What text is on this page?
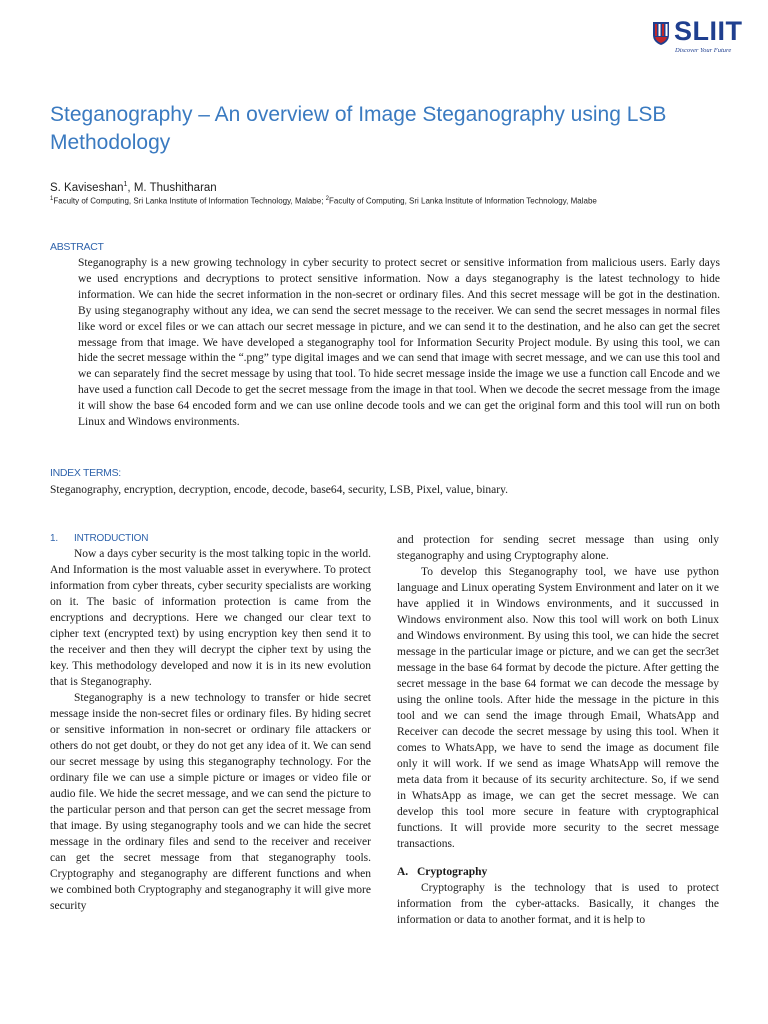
SLIIT
Discover Your Future
Steganography – An overview of Image Steganography using LSB Methodology
S. Kaviseshan$^1$, M. Thushitharan
$^1$Faculty of Computing, Sri Lanka Institute of Information Technology, Malabe; $^2$Faculty of Computing, Sri Lanka Institute of Information Technology, Malabe
ABSTRACT

Steganography is a new growing technology in cyber security to protect secret or sensitive information from malicious users. Early days we used encryptions and decryptions to protect sensitive information. Now a days steganography is the latest technology to hide information. We can hide the secret information in the non-secret or ordinary files. And this secret message will be got in the destination. By using steganography without any idea, we can send the secret message to the receiver. We can send the secret messages in normal files like word or excel files or we can attach our secret message in picture, and we can send it to the destination, and he also can get the secret message from that image. We have developed a steganography tool for Information Security Project module. By using this tool, we can hide the secret message within the “.png” type digital images and we can send that image with secret message, and we can use this tool and we can separately find the secret message by using that tool. To hide secret message inside the image we use a function call Encode and we have used a function call Decode to get the secret message from the image in that tool. When we decode the secret message from the image it will show the base 64 encoded form and we can use online decode tools and we can get the original form and this tool will run on both Linux and Windows environments.

INDEX TERMS:

Steganography, encryption, decryption, encode, decode, base64, security, LSB, Pixel, value, binary.

1. INTRODUCTION

Now a days cyber security is the most talking topic in the world. And Information is the most valuable asset in everywhere. To protect information from cyber threats, cyber security specialists are working on it. The basic of information protection is came from the encryptions and decryptions. Here we changed our clear text to cipher text (encrypted text) by using encryption key then send it to the receiver and then they will decrypt the cipher text by using the key. This methodology developed and now it is in its new evolution that is Steganography.

Steganography is a new technology to transfer or hide secret message inside the non-secret files or ordinary files. By hiding secret or sensitive information in non-secret or ordinary file attackers or others do not get doubt, or they do not get any idea of it. We can send our secret message by using this steganography technology. For the ordinary file we can use a simple picture or images or video file or audio file. We hide the secret message, and we can send the picture to the particular person and that person can get the secret message from that image. By using steganography tools and we can hide the secret message in the ordinary files and send to the receiver and receiver can get the secret message from that steganography tools. Cryptography and steganography are different functions and when we combined both Cryptography and steganography it will give more security

and protection for sending secret message than using only steganography and using Cryptography alone.

To develop this Steganography tool, we have use python language and Linux operating System Environment and later on it we have applied it in Windows environments, and it succussed in Windows environment also. Now this tool will work on both Linux and Windows environment. By using this tool, we can hide the secret message in the particular image or picture, and we can get the secr3et message in the base 64 format by decode the picture. After getting the secret message in the base 64 format we can decode the message by using the online tools. After hide the message in the picture in this tool and we can send the image through Email, WhatsApp and Receiver can decode the secret message by using this tool. When it comes to WhatsApp, we have to send the image as document file only it will work. If we send as image WhatsApp will remove the meta data from it because of its security architecture. So, if we send in WhatsApp as image, we can get the secret message. We can develop this tool more secure in feature with cryptographical functions. It will provide more security to the secret message transactions.

A. Cryptography

Cryptography is the technology that is used to protect information from the cyber-attacks. Basically, it changes the information or data to another format, and it is help to
